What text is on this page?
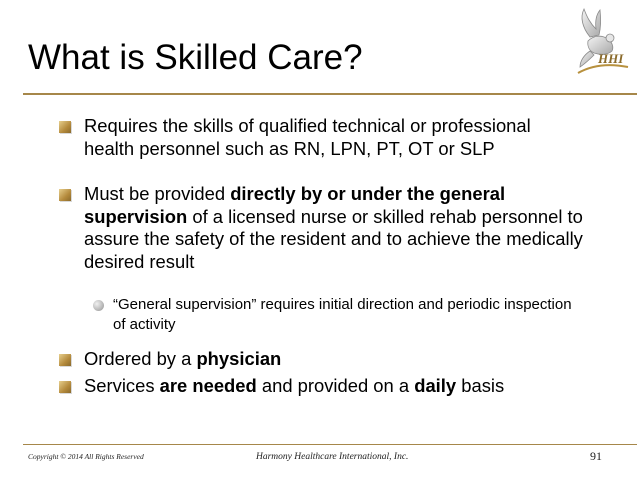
What is Skilled Care?	HHI
Requires the skills of qualified technical or professional health personnel such as RN, LPN, PT, OT or SLP
Must be provided directly by or under the general supervision of a licensed nurse or skilled rehab personnel to assure the safety of the resident and to achieve the medically desired result
“General supervision” requires initial direction and periodic inspection of activity
Ordered by a physician
Services are needed and provided on a daily basis
Copyright © 2014 All Rights Reserved	Harmony Healthcare International, Inc.	91
